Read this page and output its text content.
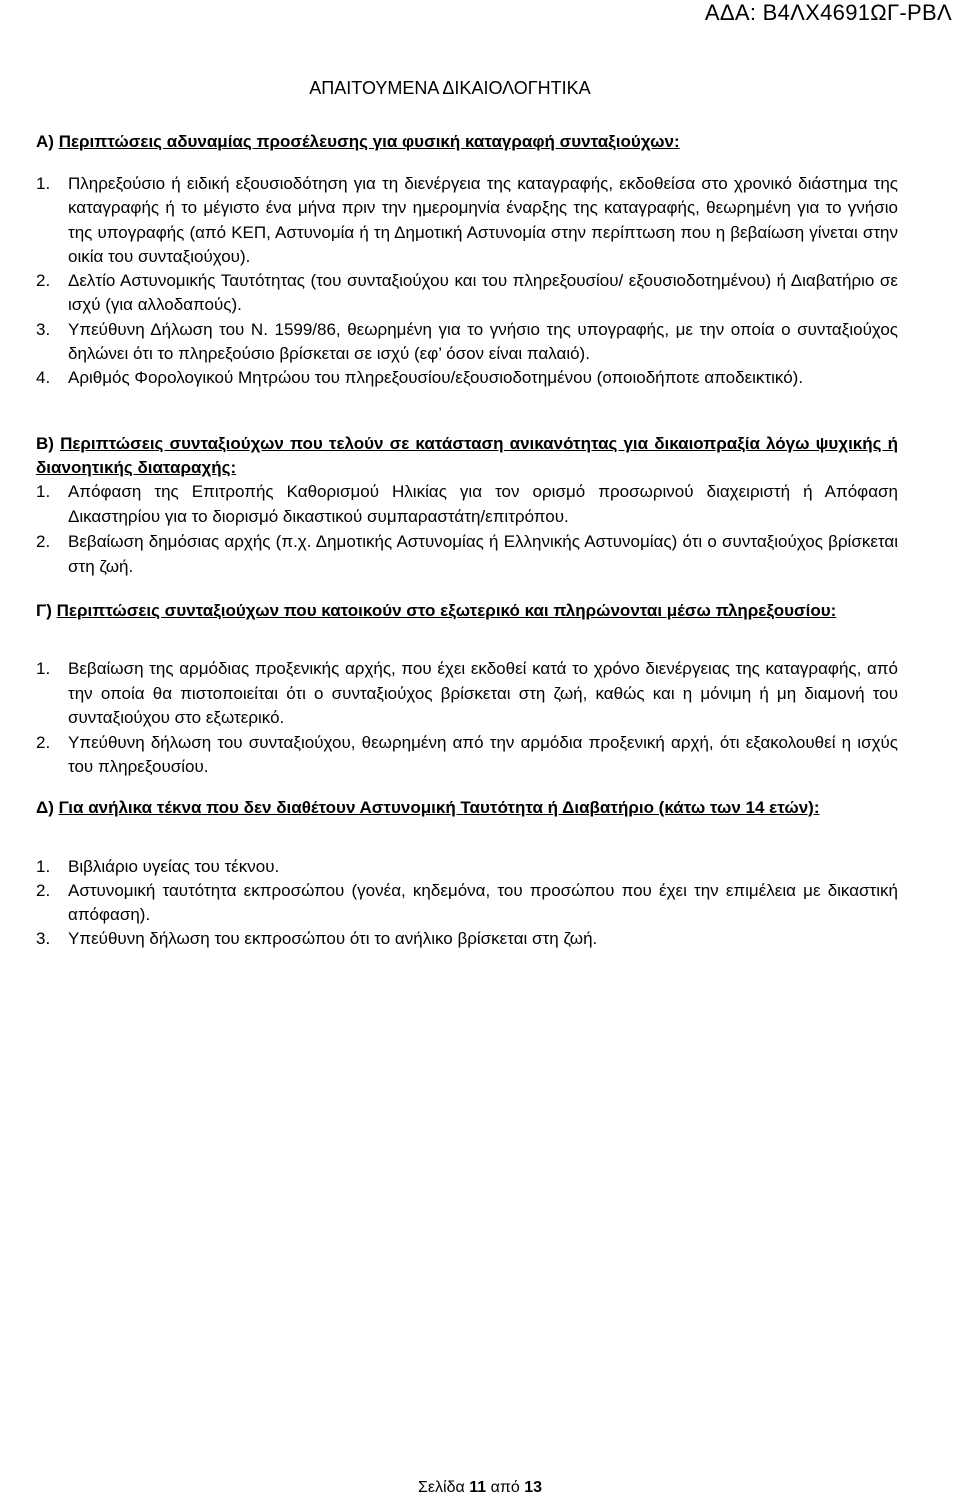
ΑΔΑ: Β4ΛΧ4691ΩΓ-ΡΒΛ
ΑΠΑΙΤΟΥΜΕΝΑ ΔΙΚΑΙΟΛΟΓΗΤΙΚΑ
Α) Περιπτώσεις αδυναμίας προσέλευσης για φυσική καταγραφή συνταξιούχων:
1.	Πληρεξούσιο ή ειδική εξουσιοδότηση για τη διενέργεια της καταγραφής, εκδοθείσα στο χρονικό διάστημα της καταγραφής ή το μέγιστο ένα μήνα πριν την ημερομηνία έναρξης της καταγραφής, θεωρημένη για το γνήσιο της υπογραφής (από ΚΕΠ, Αστυνομία ή τη Δημοτική Αστυνομία στην περίπτωση που η βεβαίωση γίνεται στην οικία του συνταξιούχου).
2.	Δελτίο Αστυνομικής Ταυτότητας (του συνταξιούχου και του πληρεξουσίου/ εξουσιοδοτημένου) ή Διαβατήριο σε ισχύ (για αλλοδαπούς).
3.	Υπεύθυνη Δήλωση του Ν. 1599/86, θεωρημένη για το γνήσιο της υπογραφής, με την οποία ο συνταξιούχος δηλώνει ότι το πληρεξούσιο βρίσκεται σε ισχύ (εφ’ όσον είναι παλαιό).
4.	Αριθμός Φορολογικού Μητρώου του πληρεξουσίου/εξουσιοδοτημένου (οποιοδήποτε αποδεικτικό).
Β) Περιπτώσεις συνταξιούχων που τελούν σε κατάσταση ανικανότητας για δικαιοπραξία λόγω ψυχικής ή διανοητικής διαταραχής:
1.	Απόφαση της Επιτροπής Καθορισμού Ηλικίας για τον ορισμό προσωρινού διαχειριστή ή Απόφαση Δικαστηρίου για το διορισμό δικαστικού συμπαραστάτη/επιτρόπου.
2.	Βεβαίωση δημόσιας αρχής (π.χ. Δημοτικής Αστυνομίας ή Ελληνικής Αστυνομίας) ότι ο συνταξιούχος βρίσκεται στη ζωή.
Γ) Περιπτώσεις συνταξιούχων που κατοικούν στο εξωτερικό και πληρώνονται μέσω πληρεξουσίου:
1.	Βεβαίωση της αρμόδιας προξενικής αρχής, που έχει εκδοθεί κατά το χρόνο διενέργειας της καταγραφής, από την οποία θα πιστοποιείται ότι ο συνταξιούχος βρίσκεται στη ζωή, καθώς και η μόνιμη ή μη διαμονή του συνταξιούχου στο εξωτερικό.
2.	Υπεύθυνη δήλωση του συνταξιούχου, θεωρημένη από την αρμόδια προξενική αρχή, ότι εξακολουθεί η ισχύς του πληρεξουσίου.
Δ) Για ανήλικα τέκνα που δεν διαθέτουν Αστυνομική Ταυτότητα ή Διαβατήριο (κάτω των 14 ετών):
1.	Βιβλιάριο υγείας του τέκνου.
2.	Αστυνομική ταυτότητα εκπροσώπου (γονέα, κηδεμόνα, του προσώπου που έχει την επιμέλεια με δικαστική απόφαση).
3.	Υπεύθυνη δήλωση του εκπροσώπου ότι το ανήλικο βρίσκεται στη ζωή.
Σελίδα 11 από 13
